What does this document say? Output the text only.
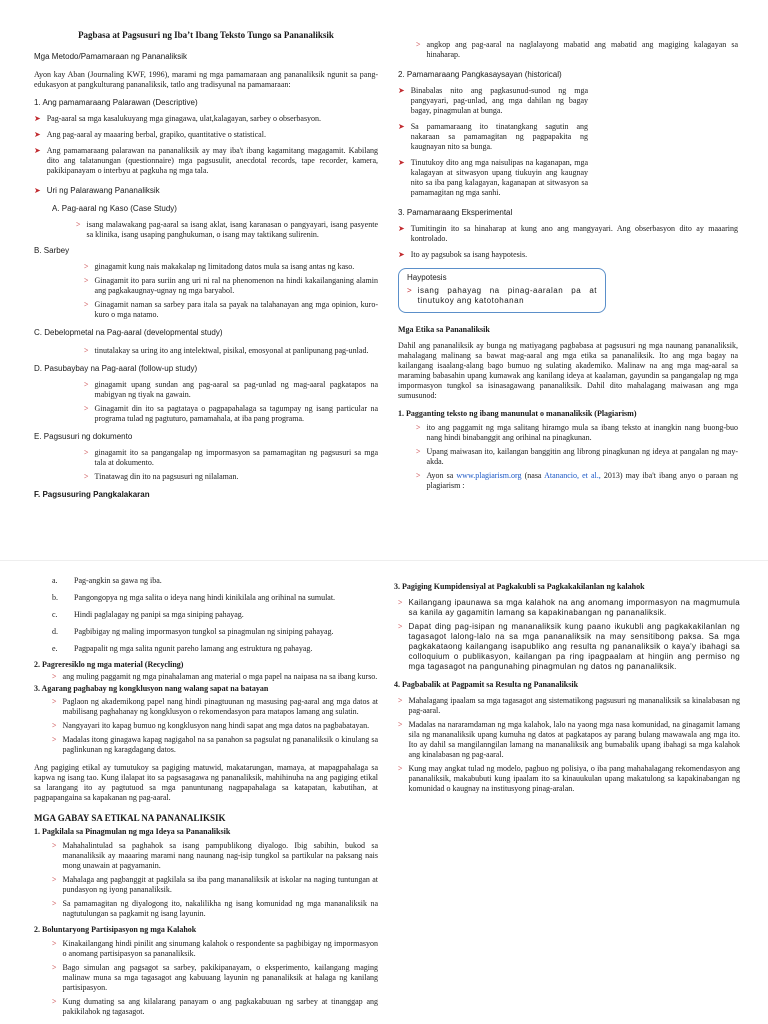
Pagbasa at Pagsusuri ng Iba’t Ibang Teksto Tungo sa Pananaliksik
Mga Metodo/Pamamaraan ng Pananaliksik
Ayon kay Aban (Journaling KWF, 1996), marami ng mga pamamaraan ang pananaliksik ngunit sa pang-edukasyon at pangkulturang pananaliksik, tatlo ang tradisyunal na pamamaraan:
1. Ang pamamaraang Palarawan (Descriptive)
➤ Pag-aaral sa mga kasalukuyang mga ginagawa, ulat,kalagayan, sarbey o obserbasyon.
➤ Ang pag-aaral ay maaaring berbal, grapiko, quantitative o statistical.
➤ Ang pamamaraang palarawan na pananaliksik ay may iba't ibang kagamitang magagamit. Kabilang dito ang talatanungan (questionnaire) mga pagsusulit, anecdotal records, tape recorder, kamera, pakikipanayam o interbyu at pagkuha ng mga tala.
➤ Uri ng Palarawang Pananaliksik
A. Pag-aaral ng Kaso (Case Study)
> isang malawakang pag-aaral sa isang aklat, isang karanasan o pangyayari, isang pasyente sa klinika, isang usaping panghukuman, o isang may taktikang sulirenin.
B. Sarbey
> ginagamit kung nais makakalap ng limitadong datos mula sa isang antas ng kaso.
> Ginagamit ito para suriin ang uri ni ral na phenomenon na hindi kakailanganing alamin ang pagkakaugnay-ugnay ng mga baryabol.
> Ginagamit naman sa sarbey para itala sa payak na talahanayan ang mga opinion, kuro-kuro o mga natamo.
C. Debelopmetal na Pag-aaral (developmental study)
> tinutalakay sa uring ito ang intelektwal, pisikal, emosyonal at panlipunang pag-unlad.
D. Pasubaybay na Pag-aaral (follow-up study)
> ginagamit upang sundan ang pag-aaral sa pag-unlad ng mag-aaral pagkatapos na mabigyan ng tiyak na gawain.
> Ginagamit din ito sa pagtataya o pagpapahalaga sa tagumpay ng isang particular na programa tulad ng pagtuturo, pamamahala, at iba pang programa.
E. Pagsusuri ng dokumento
> ginagamit ito sa pangangalap ng impormasyon sa pamamagitan ng pagsusuri sa mga tala at dokumento.
> Tinatawag din ito na pagsusuri ng nilalaman.
F. Pagsusuring Pangkalakaran
> angkop ang pag-aaral na naglalayong mabatid ang mabatid ang magiging kalagayan sa hinaharap.
2. Pamamaraang Pangkasaysayan (historical)
➤ Binabalas nito ang pagkasunud-sunod ng mga pangyayari, pag-unlad, ang mga dahilan ng bagay bagay, pinagmulan at bunga.
➤ Sa pamamaraang ito tinatangkang sagutin ang nakaraan sa pamamagitan ng pagpapakita ng kaugnayan nito sa bunga.
➤ Tinutukoy dito ang mga naisulipas na kaganapan, mga kalagayan at sitwasyon upang tiukuyin ang kaugnay nito sa iba pang kalagayan, kaganapan at sitwasyon sa pamamagitan ng mga sanhi.
3. Pamamaraang Eksperimental
➤ Tumitingin ito sa hinaharap at kung ano ang mangyayari. Ang obserbasyon dito ay maaaring kontrolado.
➤ Ito ay pagsubok sa isang haypotesis.
Haypotesis
> isang pahayag na pinag-aaralan pa at tinutukoy ang katotohanan
Mga Etika sa Pananaliksik
Dahil ang pananaliksik ay bunga ng matiyagang pagbabasa at pagsusuri ng mga naunang pananaliksik, mahalagang malinang sa bawat mag-aaral ang mga etika sa pananaliksik. Ito ang mga bagay na kailangang isaalang-alang bago bumuo ng sulating akademiko. Malinaw na ang mga mag-aaral sa maraming babasahin upang kumawak ang kanilang ideya at kaalaman, gayundin sa pangangalap ng mga impormasyon tungkol sa isinasagawang pananaliksik. Dahil dito mahalagang maiwasan ang mga sumusunod:
1. Pagganting teksto ng ibang manunulat o mananaliksik (Plagiarism)
> ito ang paggamit ng mga salitang hiramgo mula sa ibang teksto at inangkin nang buong-buo nang hindi binabanggit ang orihinal na pinagkunan.
> Upang maiwasan ito, kailangan banggitin ang librong pinagkunan ng ideya at pangalan ng may-akda.
> Ayon sa www.plagiarism.org (nasa Atanancio, et al., 2013) may iba't ibang anyo o paraan ng plagiarism :
a.	Pag-angkin sa gawa ng iba.
b.	Pangongopya ng mga salita o ideya nang hindi kinikilala ang orihinal na sumulat.
c.	Hindi paglalagay ng panipi sa mga siniping pahayag.
d.	Pagbibigay ng maling impormasyon tungkol sa pinagmulan ng siniping pahayag.
e.	Pagpapalit ng mga salita ngunit pareho lamang ang estruktura ng pahayag.
2. Pagreresiklo ng mga material (Recycling)
> ang muling paggamit ng mga pinahalaman ang material o mga papel na naipasa na sa ibang kurso.
3. Agarang paghabay ng kongklusyon nang walang sapat na batayan
> Paglaon ng akademikong papel nang hindi pinagtuunan ng masusing pag-aaral ang mga datos at mabilisang paghahanay ng kongklusyon o rekomendasyon para matapos lamang ang sulatin.
> Nangyayari ito kapag bumuo ng kongklusyon nang hindi sapat ang mga datos na pagbabatayan.
> Madalas itong ginagawa kapag nagigahol na sa panahon sa pagsulat ng pananaliksik o kinulang sa paglinkunan ng karagdagang datos.
Ang pagiging etikal ay tumutukoy sa pagiging matuwid, makatarungan, mamaya, at mapagpahalaga sa kapwa ng isang tao. Kung ilalapat ito sa pagsasagawa ng pananaliksik, mahihinuha na ang pagiging etikal sa larangang ito ay pagtutuod sa mga panuntunang nagpapahalaga sa katapatan, kabutihan, at pagpapangaina sa kapakanan ng pag-aaral.
MGA GABAY SA ETIKAL NA PANANALIKSIK
1. Pagkilala sa Pinagmulan ng mga Ideya sa Pananaliksik
> Mahahalintulad sa paghahok sa isang pampublikong diyalogo. Ibig sabihin, bukod sa mananaliksik ay maaaring marami nang naunang nag-isip tungkol sa partikular na paksang nais mong unawain at pagyamanin.
> Mahalaga ang pagbanggit at pagkilala sa iba pang mananaliksik at iskolar na naging tuntungan at pundasyon ng iyong pananaliksik.
> Sa pamamagitan ng diyalogong ito, nakalilikha ng isang komunidad ng mga mananaliksik na nagtutulungan sa pagkamit ng isang layunin.
2. Boluntaryong Partisipasyon ng mga Kalahok
> Kinakailangang hindi pinilit ang sinumang kalahok o respondente sa pagbibigay ng impormasyon o anomang partisipasyon sa pananaliksik.
> Bago simulan ang pagsagot sa sarbey, pakikipanayam, o eksperimento, kailangang maging malinaw muna sa mga tagasagot ang kabuuang layunin ng pananaliksik at halaga ng kanilang partisipasyon.
> Kung dumating sa ang kilalarang panayam o ang pagkakabuuan ng sarbey at tinanggap ang pakikilahok ng tagasagot.
3. Pagiging Kumpidensiyal at Pagkakubli sa Pagkakakilanlan ng kalahok
> Kailangang ipaunawa sa mga kalahok na ang anomang impormasyon na magmumula sa kanila ay gagamitin lamang sa kapakinabangan ng pananaliksik.
> Dapat ding pag-isipan ng mananaliksik kung paano ikukubli ang pagkakakilanlan ng tagasagot lalong-lalo na sa mga pananaliksik na may sensitibong paksa. Sa mga pagkakataong kailangang isapubliko ang resulta ng pananaliksik o kaya'y ibahagi sa colloquium o publikasyon, kailangan pa ring ipagpaalam at hingiin ang permiso ng mga tagasagot na pangunahing pinagmulan ng datos ng pananaliksik.
4. Pagbabalik at Pagpamit sa Resulta ng Pananaliksik
> Mahalagang ipaalam sa mga tagasagot ang sistematikong pagsusuri ng mananaliksik sa kinalabasan ng pag-aaral.
> Madalas na nararamdaman ng mga kalahok, lalo na yaong mga nasa komunidad, na ginagamit lamang sila ng mananaliksik upang kumuha ng datos at pagkatapos ay parang bulang mawawala ang mga ito. Ito ay dahil sa mangilanngilan lamang na mananaliksik ang bumabalik upang ibahagi sa mga kalahok ang kinalabasan ng pag-aaral.
> Kung may angkat tulad ng modelo, pagbuo ng polisiya, o iba pang mahahalagang rekomendasyon ang pananaliksik, makabubuti kung ipaalam ito sa kinauukulan upang makatulong sa kapakinabangan ng komunidad o kaugnay na institusyong pinag-aralan.
